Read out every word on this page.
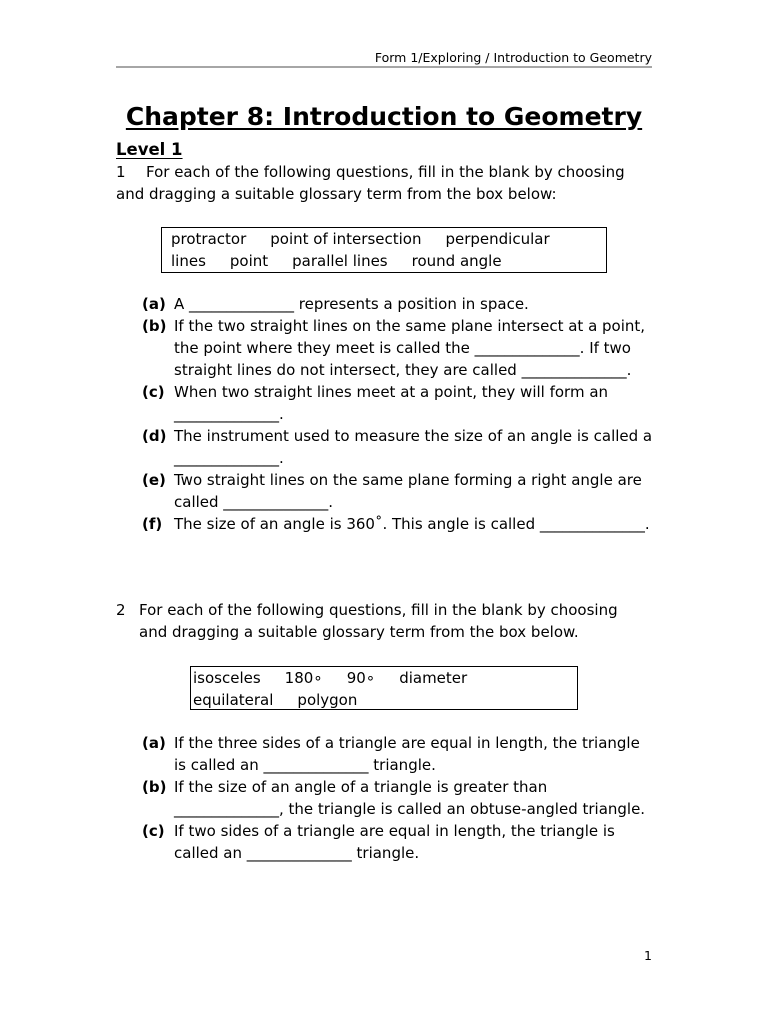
Form 1/Exploring / Introduction to Geometry
Chapter 8: Introduction to Geometry
Level 1
1 For each of the following questions, fill in the blank by choosing
and dragging a suitable glossary term from the box below:
protractor point of intersection perpendicular
lines point parallel lines round angle
(a) A ______________ represents a position in space.
(b) If the two straight lines on the same plane intersect at a point, the point where they meet is called the ______________. If two straight lines do not intersect, they are called ______________.
(c) When two straight lines meet at a point, they will form an ______________.
(d) The instrument used to measure the size of an angle is called a ______________.
(e) Two straight lines on the same plane forming a right angle are called ______________.
(f) The size of an angle is 360˚. This angle is called ______________.
2 For each of the following questions, fill in the blank by choosing
and dragging a suitable glossary term from the box below.
isosceles 180∘ 90∘ diameter
equilateral polygon
(a) If the three sides of a triangle are equal in length, the triangle is called an ______________ triangle.
(b) If the size of an angle of a triangle is greater than ______________, the triangle is called an obtuse-angled triangle.
(c) If two sides of a triangle are equal in length, the triangle is called an ______________ triangle.
1
